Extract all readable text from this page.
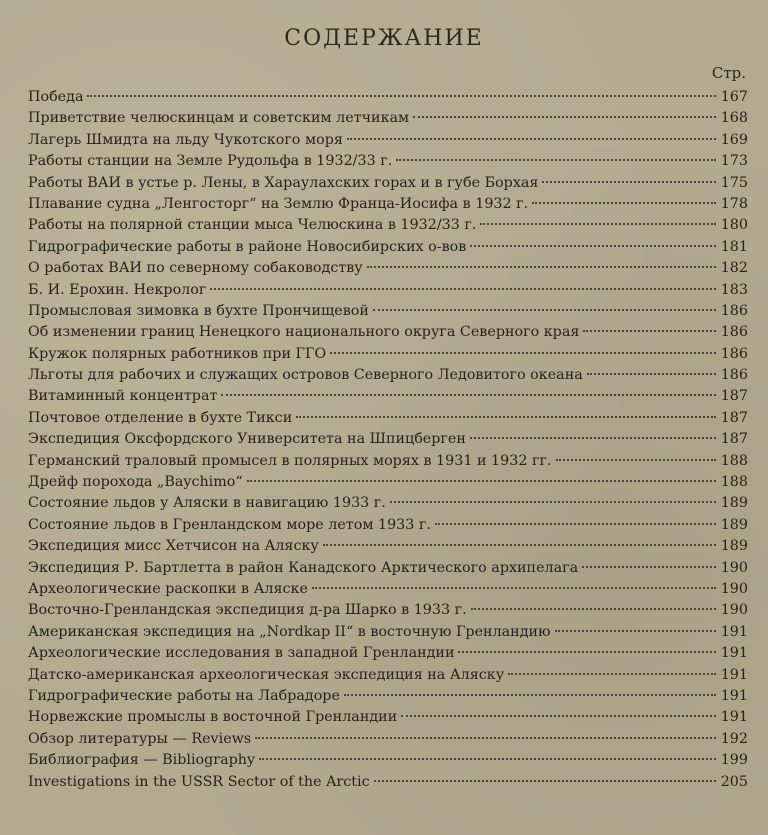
СОДЕРЖАНИЕ
Стр.
Победа	167
Приветствие челюскинцам и советским летчикам	168
Лагерь Шмидта на льду Чукотского моря	169
Работы станции на Земле Рудольфа в 1932/33 г.	173
Работы ВАИ в устье р. Лены, в Хараулахских горах и в губе Борхая	175
Плавание судна „Ленгосторг“ на Землю Франца-Иосифа в 1932 г.	178
Работы на полярной станции мыса Челюскина в 1932/33 г.	180
Гидрографические работы в районе Новосибирских о-вов	181
О работах ВАИ по северному собаководству	182
Б. И. Ерохин. Некролог	183
Промысловая зимовка в бухте Прончищевой	186
Об изменении границ Ненецкого национального округа Северного края	186
Кружок полярных работников при ГГО	186
Льготы для рабочих и служащих островов Северного Ледовитого океана	186
Витаминный концентрат	187
Почтовое отделение в бухте Тикси	187
Экспедиция Оксфордского Университета на Шпицберген	187
Германский траловый промысел в полярных морях в 1931 и 1932 гг.	188
Дрейф порохода „Baychimo“	188
Состояние льдов у Аляски в навигацию 1933 г.	189
Состояние льдов в Гренландском море летом 1933 г.	189
Экспедиция мисс Хетчисон на Аляску	189
Экспедиция Р. Бартлетта в район Канадского Арктического архипелага	190
Археологические раскопки в Аляске	190
Восточно-Гренландская экспедиция д-ра Шарко в 1933 г.	190
Американская экспедиция на „Nordkap II“ в восточную Гренландию	191
Археологические исследования в западной Гренландии	191
Датско-американская археологическая экспедиция на Аляску	191
Гидрографические работы на Лабрадоре	191
Норвежские промыслы в восточной Гренландии	191
Обзор литературы — Reviews	192
Библиография — Bibliography	199
Investigations in the USSR Sector of the Arctic	205
